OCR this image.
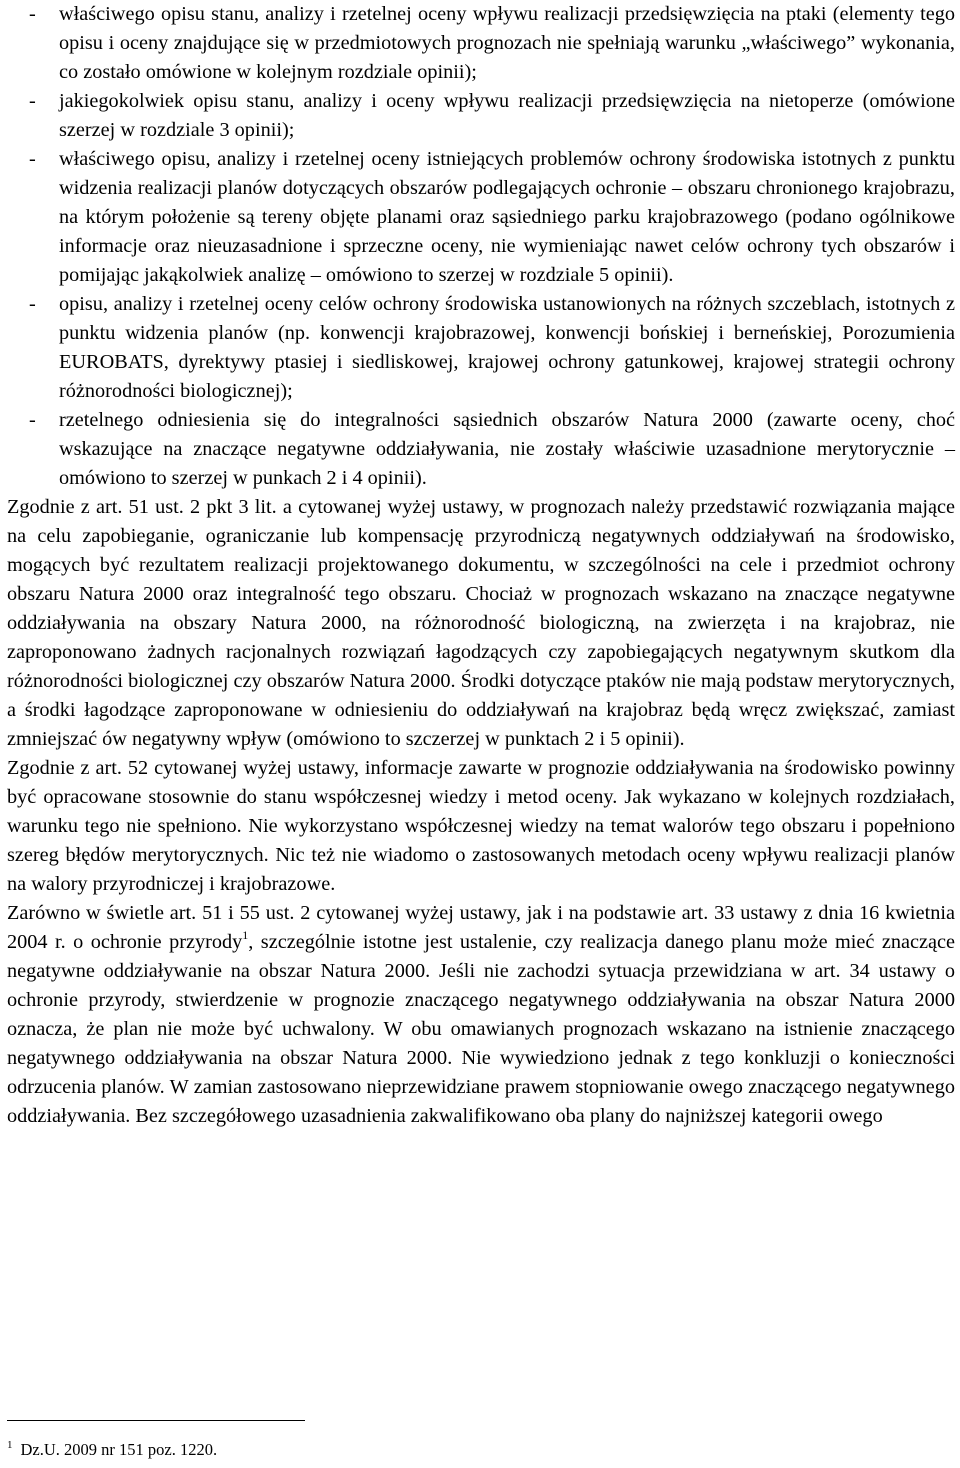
- właściwego opisu stanu, analizy i rzetelnej oceny wpływu realizacji przedsięwzięcia na ptaki (elementy tego opisu i oceny znajdujące się w przedmiotowych prognozach nie spełniają warunku „właściwego” wykonania, co zostało omówione w kolejnym rozdziale opinii);
- jakiegokolwiek opisu stanu, analizy i oceny wpływu realizacji przedsięwzięcia na nietoperze (omówione szerzej w rozdziale 3 opinii);
- właściwego opisu, analizy i rzetelnej oceny istniejących problemów ochrony środowiska istotnych z punktu widzenia realizacji planów dotyczących obszarów podlegających ochronie – obszaru chronionego krajobrazu, na którym położenie są tereny objęte planami oraz sąsiedniego parku krajobrazowego (podano ogólnikowe informacje oraz nieuzasadnione i sprzeczne oceny, nie wymieniając nawet celów ochrony tych obszarów i pomijając jakąkolwiek analizę – omówiono to szerzej w rozdziale 5 opinii).
- opisu, analizy i rzetelnej oceny celów ochrony środowiska ustanowionych na różnych szczeblach, istotnych z punktu widzenia planów (np. konwencji krajobrazowej, konwencji bońskiej i berneńskiej, Porozumienia EUROBATS, dyrektywy ptasiej i siedliskowej, krajowej ochrony gatunkowej, krajowej strategii ochrony różnorodności biologicznej);
- rzetelnego odniesienia się do integralności sąsiednich obszarów Natura 2000 (zawarte oceny, choć wskazujące na znaczące negatywne oddziaływania, nie zostały właściwie uzasadnione merytorycznie – omówiono to szerzej w punkach 2 i 4 opinii).

Zgodnie z art. 51 ust. 2 pkt 3 lit. a cytowanej wyżej ustawy, w prognozach należy przedstawić rozwiązania mające na celu zapobieganie, ograniczanie lub kompensację przyrodniczą negatywnych oddziaływań na środowisko, mogących być rezultatem realizacji projektowanego dokumentu, w szczególności na cele i przedmiot ochrony obszaru Natura 2000 oraz integralność tego obszaru. Chociaż w prognozach wskazano na znaczące negatywne oddziaływania na obszary Natura 2000, na różnorodność biologiczną, na zwierzęta i na krajobraz, nie zaproponowano żadnych racjonalnych rozwiązań łagodzących czy zapobiegających negatywnym skutkom dla różnorodności biologicznej czy obszarów Natura 2000. Środki dotyczące ptaków nie mają podstaw merytorycznych, a środki łagodzące zaproponowane w odniesieniu do oddziaływań na krajobraz będą wręcz zwiększać, zamiast zmniejszać ów negatywny wpływ (omówiono to szczerzej w punktach 2 i 5 opinii).

Zgodnie z art. 52 cytowanej wyżej ustawy, informacje zawarte w prognozie oddziaływania na środowisko powinny być opracowane stosownie do stanu współczesnej wiedzy i metod oceny. Jak wykazano w kolejnych rozdziałach, warunku tego nie spełniono. Nie wykorzystano współczesnej wiedzy na temat walorów tego obszaru i popełniono szereg błędów merytorycznych. Nic też nie wiadomo o zastosowanych metodach oceny wpływu realizacji planów na walory przyrodniczej i krajobrazowe.

Zarówno w świetle art. 51 i 55 ust. 2 cytowanej wyżej ustawy, jak i na podstawie art. 33 ustawy z dnia 16 kwietnia 2004 r. o ochronie przyrody$^1$, szczególnie istotne jest ustalenie, czy realizacja danego planu może mieć znaczące negatywne oddziaływanie na obszar Natura 2000. Jeśli nie zachodzi sytuacja przewidziana w art. 34 ustawy o ochronie przyrody, stwierdzenie w prognozie znaczącego negatywnego oddziaływania na obszar Natura 2000 oznacza, że plan nie może być uchwalony. W obu omawianych prognozach wskazano na istnienie znaczącego negatywnego oddziaływania na obszar Natura 2000. Nie wywiedziono jednak z tego konkluzji o konieczności odrzucenia planów. W zamian zastosowano nieprzewidziane prawem stopniowanie owego znaczącego negatywnego oddziaływania. Bez szczegółowego uzasadnienia zakwalifikowano oba plany do najniższej kategorii owego

$^1$ Dz.U. 2009 nr 151 poz. 1220.
